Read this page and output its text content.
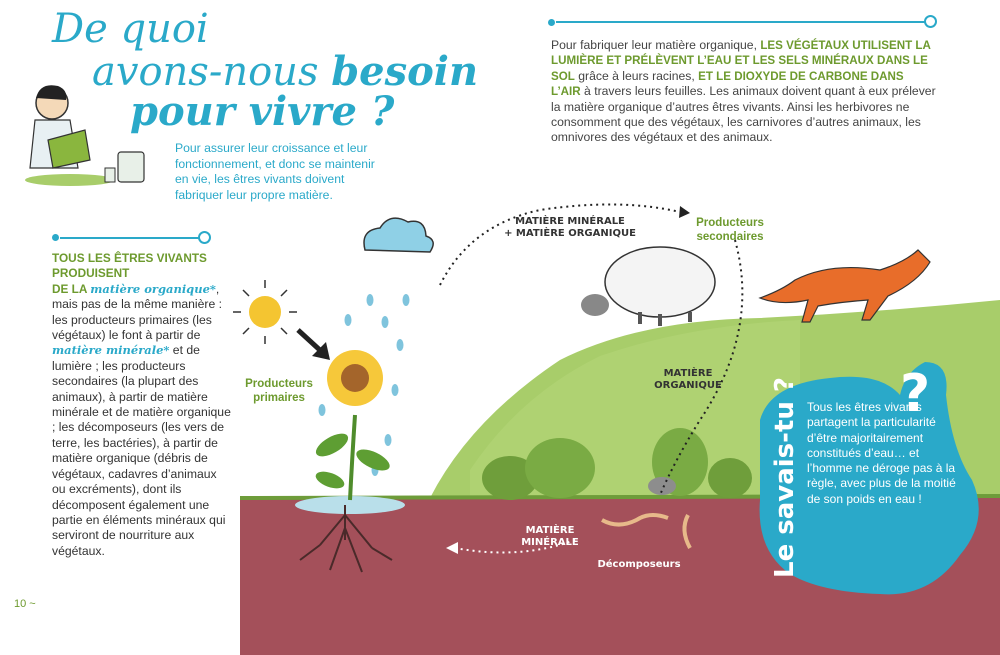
De quoi
avons-nous besoin
pour vivre ?
Pour assurer leur croissance et leur fonctionnement, et donc se maintenir en vie, les êtres vivants doivent fabriquer leur propre matière.
Pour fabriquer leur matière organique, LES VÉGÉTAUX UTILISENT LA LUMIÈRE ET PRÉLÈVENT L’EAU ET LES SELS MINÉRAUX DANS LE SOL grâce à leurs racines, ET LE DIOXYDE DE CARBONE DANS L’AIR à travers leurs feuilles. Les animaux doivent quant à eux prélever la matière organique d’autres êtres vivants. Ainsi les herbivores ne consomment que des végétaux, les carnivores d’autres animaux, les omnivores des végétaux et des animaux.
TOUS LES ÊTRES VIVANTS PRODUISENT
DE LA matière organique*, mais pas de la même manière : les producteurs primaires (les végétaux) le font à partir de matière minérale* et de lumière ; les producteurs secondaires (la plupart des animaux), à partir de matière minérale et de matière organique ; les décomposeurs (les vers de terre, les bactéries), à partir de matière organique (débris de végétaux, cadavres d’animaux ou excréments), dont ils décomposent également une partie en éléments minéraux qui serviront de nourriture aux végétaux.
10 ~
MATIÈRE MINÉRALE
+ MATIÈRE ORGANIQUE
Producteurs
secondaires
Producteurs
primaires
MATIÈRE
ORGANIQUE
MATIÈRE
MINÉRALE
Décomposeurs	Le savais-tu ? ?
Tous les êtres vivants partagent la particularité d’être majoritairement constitués d’eau… et l’homme ne déroge pas à la règle, avec plus de la moitié de son poids en eau !
